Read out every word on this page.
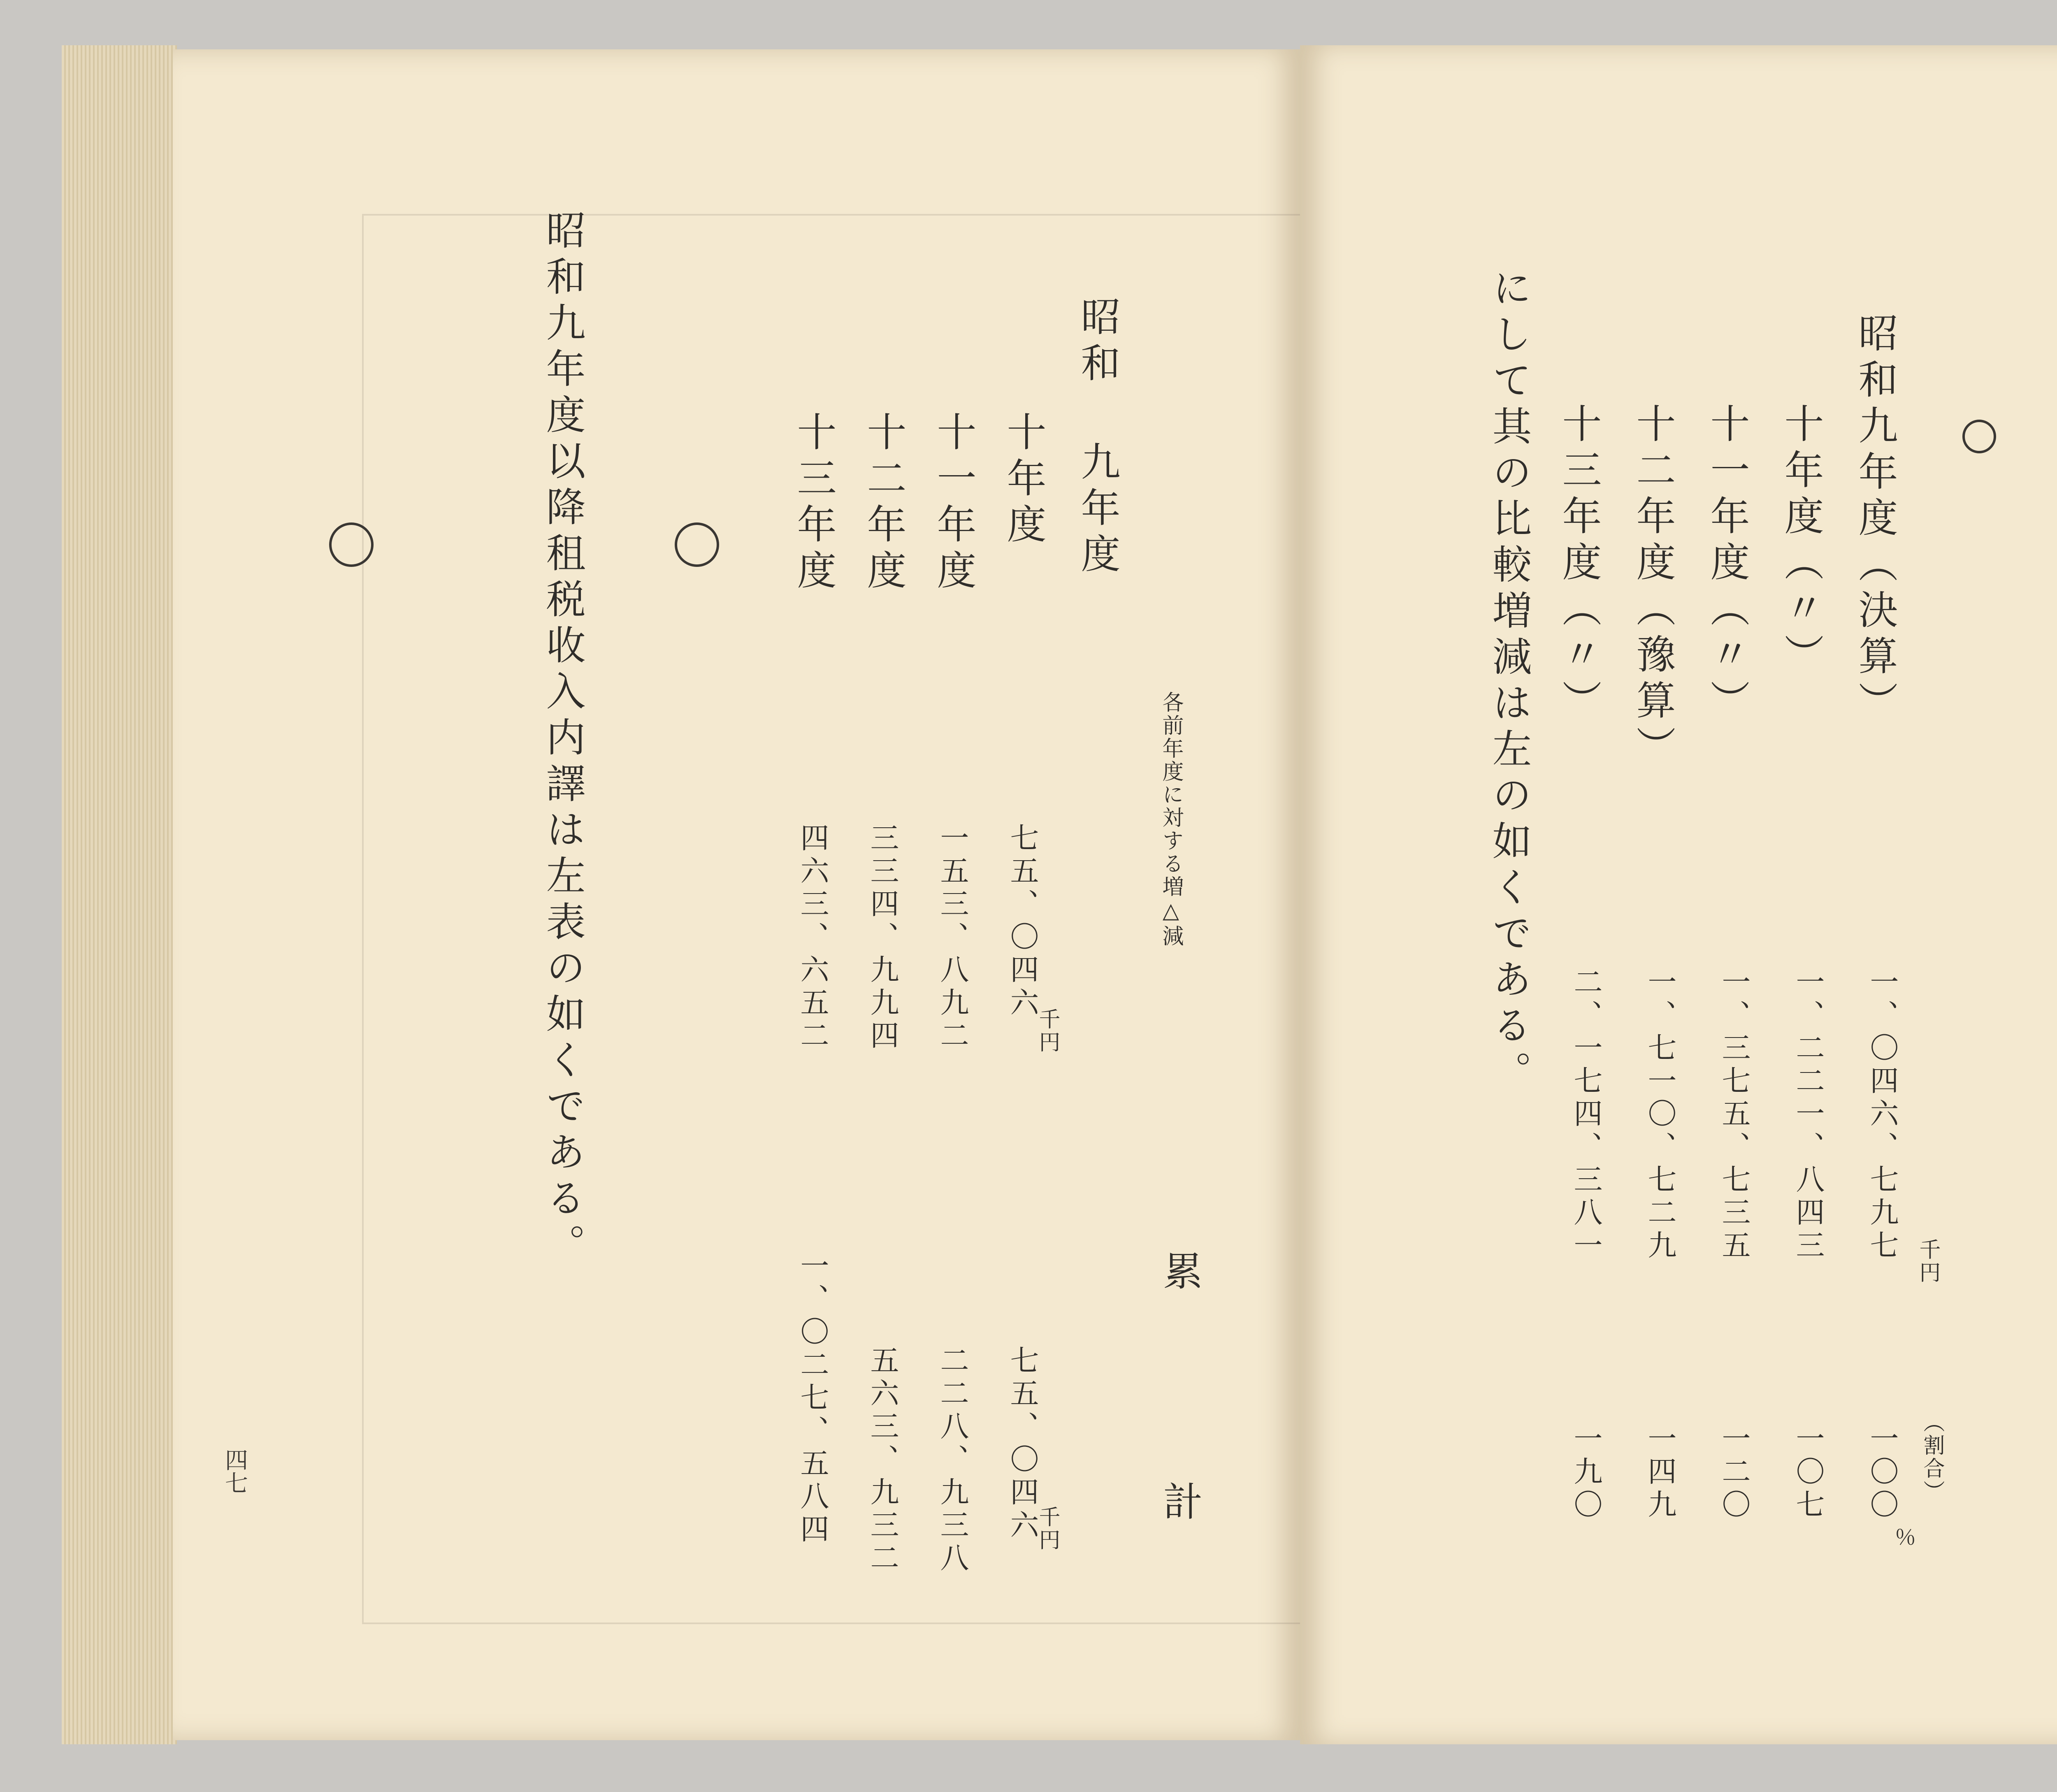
昭和九年度以降租税收入内譯は左表の如くである。	昭和 九年度
十年度
十一年度
十二年度
十三年度
各前年度に対する増△減
千円
七五、〇四六
一五三、八九二
三三四、九九四
四六三、六五二
累
計
千円
七五、〇四六
二二八、九三八
五六三、九三二
一、〇二七、五八四
四七
昭和九年度（決算）
十年度（〃）
十一年度（〃）
十二年度（豫算）
十三年度（〃）
千円
一、〇四六、七九七
一、二二一、八四三
一、三七五、七三五
一、七一〇、七二九
二、一七四、三八一
（割合）
％
一〇〇
一〇七
一二〇
一四九
一九〇
にして其の比較増減は左の如くである。
